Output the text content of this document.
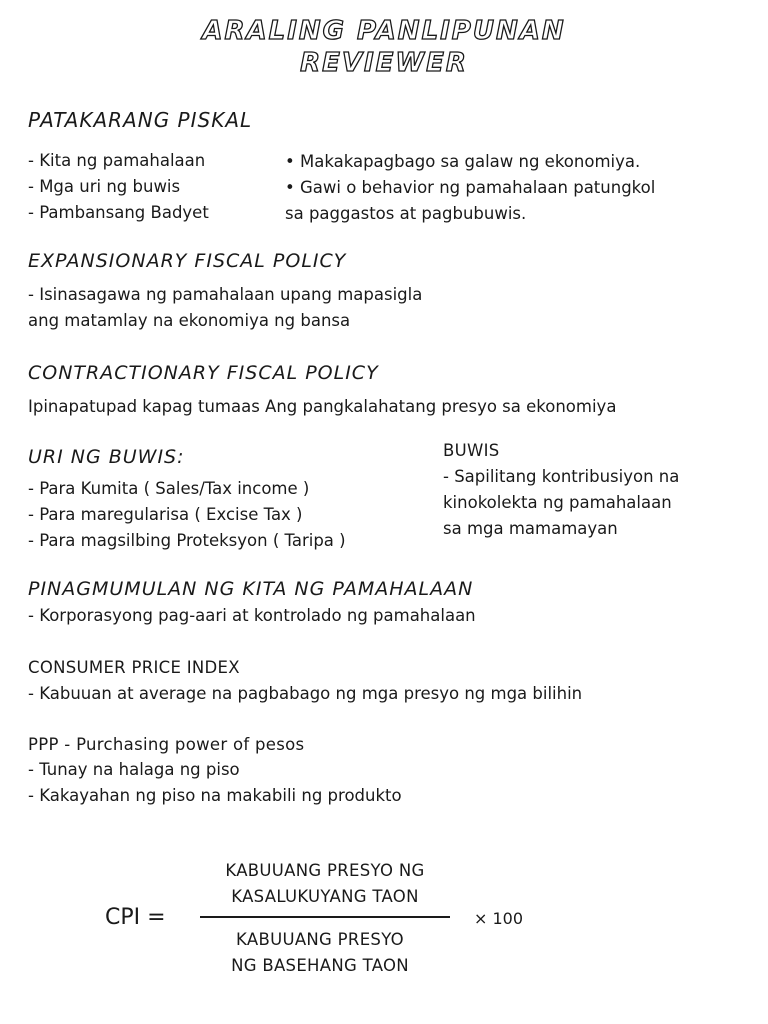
ARALING PANLIPUNAN
REVIEWER
PATAKARANG PISKAL
- Kita ng pamahalaan
- Mga uri ng buwis
- Pambansang Badyet
• Makakapagbago sa galaw ng ekonomiya.
• Gawi o behavior ng pamahalaan patungkol
sa paggastos at pagbubuwis.
EXPANSIONARY FISCAL POLICY
- Isinasagawa ng pamahalaan upang mapasigla
ang matamlay na ekonomiya ng bansa
CONTRACTIONARY FISCAL POLICY
Ipinapatupad kapag tumaas Ang pangkalahatang presyo sa ekonomiya
URI NG BUWIS:
- Para Kumita ( Sales/Tax income )
- Para maregularisa ( Excise Tax )
- Para magsilbing Proteksyon ( Taripa )
BUWIS
- Sapilitang kontribusiyon na
kinokolekta ng pamahalaan
sa mga mamamayan
PINAGMUMULAN NG KITA NG PAMAHALAAN
- Korporasyong pag-aari at kontrolado ng pamahalaan
CONSUMER PRICE INDEX
- Kabuuan at average na pagbabago ng mga presyo ng mga bilihin
PPP - Purchasing power of pesos
- Tunay na halaga ng piso
- Kakayahan ng piso na makabili ng produkto
CPI =
KABUUANG PRESYO NG
KASALUKUYANG TAON
KABUUANG PRESYO
NG BASEHANG TAON
× 100
